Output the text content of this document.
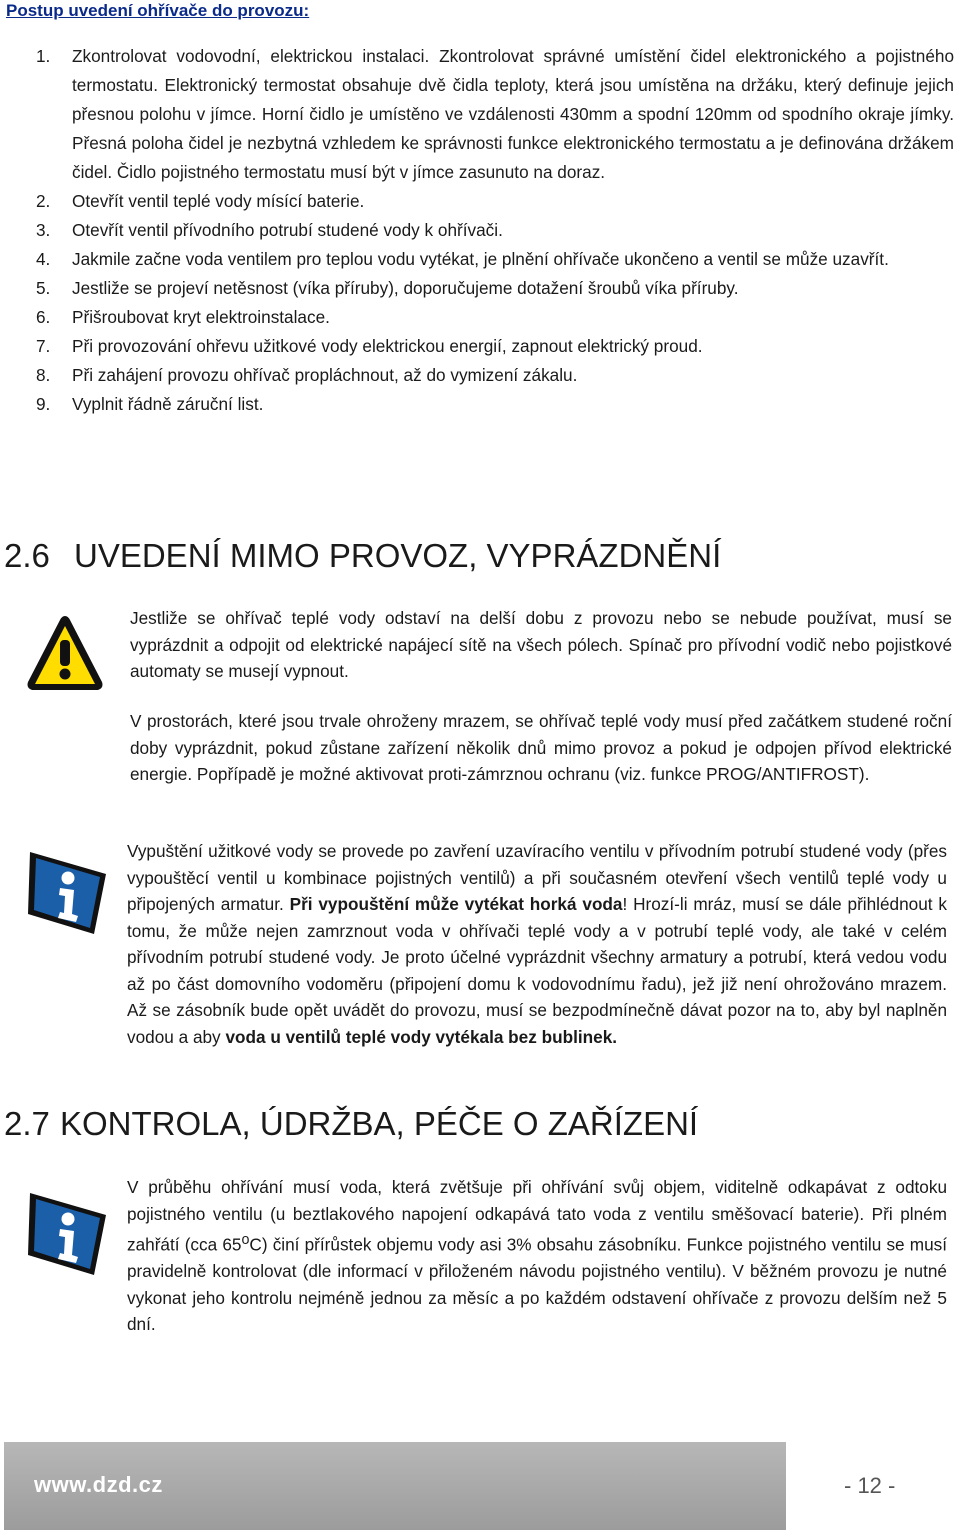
Postup uvedení ohřívače do provozu:
1. Zkontrolovat vodovodní, elektrickou instalaci. Zkontrolovat správné umístění čidel elektronického a pojistného termostatu. Elektronický termostat obsahuje dvě čidla teploty, která jsou umístěna na držáku, který definuje jejich přesnou polohu v jímce. Horní čidlo je umístěno ve vzdálenosti 430mm a spodní 120mm od spodního okraje jímky. Přesná poloha čidel je nezbytná vzhledem ke správnosti funkce elektronického termostatu a je definována držákem čidel. Čidlo pojistného termostatu musí být v jímce zasunuto na doraz.
2. Otevřít ventil teplé vody mísící baterie.
3. Otevřít ventil přívodního potrubí studené vody k ohřívači.
4. Jakmile začne voda ventilem pro teplou vodu vytékat, je plnění ohřívače ukončeno a ventil se může uzavřít.
5. Jestliže se projeví netěsnost (víka příruby), doporučujeme dotažení šroubů víka příruby.
6. Přišroubovat kryt elektroinstalace.
7. Při provozování ohřevu užitkové vody elektrickou energií, zapnout elektrický proud.
8. Při zahájení provozu ohřívač propláchnout, až do vymizení zákalu.
9. Vyplnit řádně záruční list.
2.6 UVEDENÍ MIMO PROVOZ, VYPRÁZDNĚNÍ

Jestliže se ohřívač teplé vody odstaví na delší dobu z provozu nebo se nebude používat, musí se vyprázdnit a odpojit od elektrické napájecí sítě na všech pólech. Spínač pro přívodní vodič nebo pojistkové automaty se musejí vypnout.

V prostorách, které jsou trvale ohroženy mrazem, se ohřívač teplé vody musí před začátkem studené roční doby vyprázdnit, pokud zůstane zařízení několik dnů mimo provoz a pokud je odpojen přívod elektrické energie. Popřípadě je možné aktivovat proti-zámrznou ochranu (viz. funkce PROG/ANTIFROST).

Vypuštění užitkové vody se provede po zavření uzavíracího ventilu v přívodním potrubí studené vody (přes vypouštěcí ventil u kombinace pojistných ventilů) a při současném otevření všech ventilů teplé vody u připojených armatur. Při vypouštění může vytékat horká voda! Hrozí-li mráz, musí se dále přihlédnout k tomu, že může nejen zamrznout voda v ohřívači teplé vody a v potrubí teplé vody, ale také v celém přívodním potrubí studené vody. Je proto účelné vyprázdnit všechny armatury a potrubí, která vedou vodu až po část domovního vodoměru (připojení domu k vodovodnímu řadu), jež již není ohrožováno mrazem. Až se zásobník bude opět uvádět do provozu, musí se bezpodmínečně dávat pozor na to, aby byl naplněn vodou a aby voda u ventilů teplé vody vytékala bez bublinek.

2.7 KONTROLA, ÚDRŽBA, PÉČE O ZAŘÍZENÍ

V průběhu ohřívání musí voda, která zvětšuje při ohřívání svůj objem, viditelně odkapávat z odtoku pojistného ventilu (u beztlakového napojení odkapává tato voda z ventilu směšovací baterie). Při plném zahřátí (cca 65$^o$C) činí přírůstek objemu vody asi 3% obsahu zásobníku. Funkce pojistného ventilu se musí pravidelně kontrolovat (dle informací v přiloženém návodu pojistného ventilu). V běžném provozu je nutné vykonat jeho kontrolu nejméně jednou za měsíc a po každém odstavení ohřívače z provozu delším než 5 dní.

www.dzd.cz	- 12 -
